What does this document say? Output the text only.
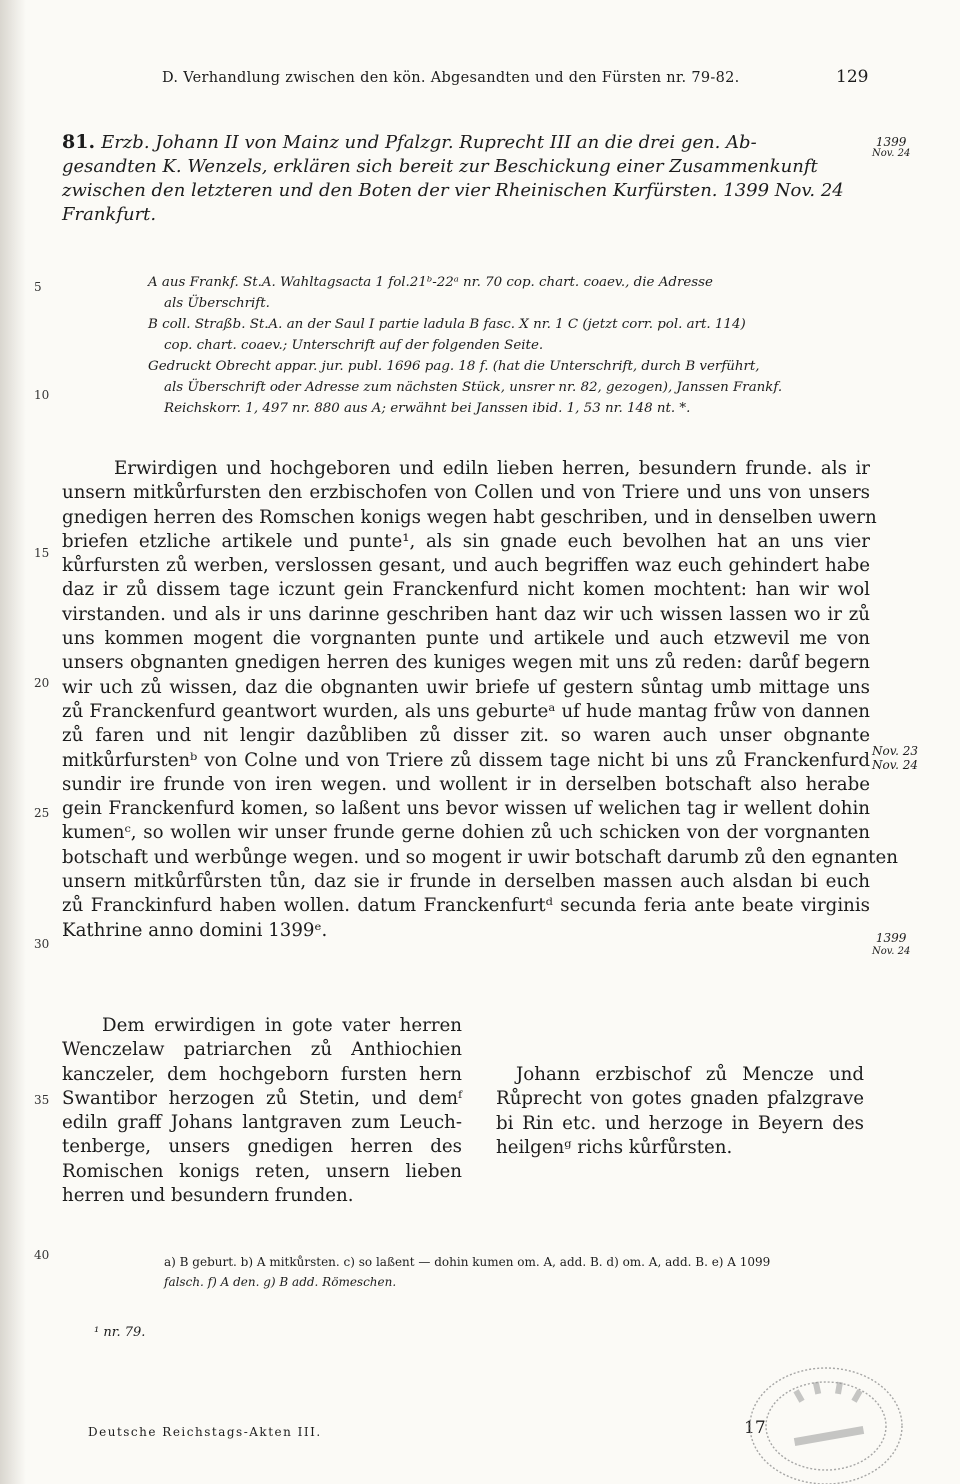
D. Verhandlung zwischen den kön. Abgesandten und den Fürsten nr. 79-82.	129
81. Erzb. Johann II von Mainz und Pfalzgr. Ruprecht III an die drei gen. Ab-
gesandten K. Wenzels, erklären sich bereit zur Beschickung einer Zusammenkunft
zwischen den letzteren und den Boten der vier Rheinischen Kurfürsten. 1399 Nov. 24
Frankfurt.
1399
Nov. 24
5
10
15
20
25
30
35
40
A aus Frankf. St.A. Wahltagsacta 1 fol.21ᵇ-22ᵃ nr. 70 cop. chart. coaev., die Adresse
als Überschrift.
B coll. Straßb. St.A. an der Saul I partie ladula B fasc. X nr. 1 C (jetzt corr. pol. art. 114)
cop. chart. coaev.; Unterschrift auf der folgenden Seite.
Gedruckt Obrecht appar. jur. publ. 1696 pag. 18 f. (hat die Unterschrift, durch B verführt,
als Überschrift oder Adresse zum nächsten Stück, unsrer nr. 82, gezogen), Janssen Frankf.
Reichskorr. 1, 497 nr. 880 aus A; erwähnt bei Janssen ibid. 1, 53 nr. 148 nt. *.
Erwirdigen und hochgeboren und ediln lieben herren, besundern frunde. als ir
unsern mitkůrfursten den erzbischofen von Collen und von Triere und uns von unsers
gnedigen herren des Romschen konigs wegen habt geschriben, und in denselben uwern
briefen etzliche artikele und punte¹, als sin gnade euch bevolhen hat an uns vier
kůrfursten zů werben, verslossen gesant, und auch begriffen waz euch gehindert habe
daz ir zů dissem tage iczunt gein Franckenfurd nicht komen mochtent: han wir wol
virstanden. und als ir uns darinne geschriben hant daz wir uch wissen lassen wo ir zů
uns kommen mogent die vorgnanten punte und artikele und auch etzwevil me von
unsers obgnanten gnedigen herren des kuniges wegen mit uns zů reden: darůf begern
wir uch zů wissen, daz die obgnanten uwir briefe uf gestern sůntag umb mittage uns
zů Franckenfurd geantwort wurden, als uns geburteᵃ uf hude mantag frůw von dannen
zů faren und nit lengir dazůbliben zů disser zit. so waren auch unser obgnante
mitkůrfurstenᵇ von Colne und von Triere zů dissem tage nicht bi uns zů Franckenfurd
sundir ire frunde von iren wegen. und wollent ir in derselben botschaft also herabe
gein Franckenfurd komen, so laßent uns bevor wissen uf welichen tag ir wellent dohin
kumenᶜ, so wollen wir unser frunde gerne dohien zů uch schicken von der vorgnanten
botschaft und werbůnge wegen. und so mogent ir uwir botschaft darumb zů den egnanten
unsern mitkůrfůrsten tůn, daz sie ir frunde in derselben massen auch alsdan bi euch
zů Franckinfurd haben wollen. datum Franckenfurtᵈ secunda feria ante beate virginis
Kathrine anno domini 1399ᵉ.
Nov. 23
Nov. 24
1399
Nov. 24
Dem erwirdigen in gote vater herren
Wenczelaw patriarchen zů Anthiochien
kanczeler, dem hochgeborn fursten hern
Swantibor herzogen zů Stetin, und demᶠ
ediln graff Johans lantgraven zum Leuch-
tenberge, unsers gnedigen herren des
Romischen konigs reten, unsern lieben
herren und besundern frunden.
Johann erzbischof zů Mencze und
Růprecht von gotes gnaden pfalzgrave
bi Rin etc. und herzoge in Beyern des
heilgenᵍ richs kůrfůrsten.
a) B geburt. b) A mitkůrsten. c) so laßent — dohin kumen om. A, add. B. d) om. A, add. B. e) A 1099
falsch. f) A den. g) B add. Römeschen.
¹ nr. 79.
Deutsche Reichstags-Akten III.	17
